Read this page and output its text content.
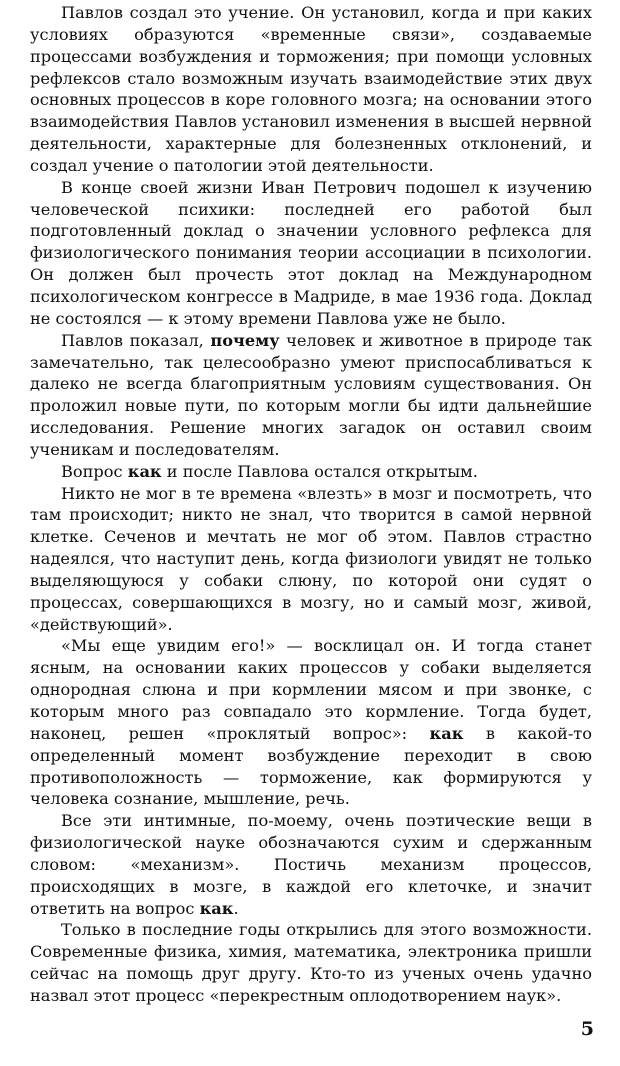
Павлов создал это учение. Он установил, когда и при каких условиях образуются «временные связи», создаваемые процессами возбуждения и торможения; при помощи условных рефлексов стало возможным изучать взаимодействие этих двух основных процессов в коре головного мозга; на основании этого взаимодействия Павлов установил изменения в высшей нервной деятельности, характерные для болезненных отклонений, и создал учение о патологии этой деятельности.

В конце своей жизни Иван Петрович подошел к изучению человеческой психики: последней его работой был подготовленный доклад о значении условного рефлекса для физиологического понимания теории ассоциации в психологии. Он должен был прочесть этот доклад на Международном психологическом конгрессе в Мадриде, в мае 1936 года. Доклад не состоялся — к этому времени Павлова уже не было.

Павлов показал, почему человек и животное в природе так замечательно, так целесообразно умеют приспосабливаться к далеко не всегда благоприятным условиям существования. Он проложил новые пути, по которым могли бы идти дальнейшие исследования. Решение многих загадок он оставил своим ученикам и последователям.

Вопрос как и после Павлова остался открытым.

Никто не мог в те времена «влезть» в мозг и посмотреть, что там происходит; никто не знал, что творится в самой нервной клетке. Сеченов и мечтать не мог об этом. Павлов страстно надеялся, что наступит день, когда физиологи увидят не только выделяющуюся у собаки слюну, по которой они судят о процессах, совершающихся в мозгу, но и самый мозг, живой, «действующий».

«Мы еще увидим его!» — восклицал он. И тогда станет ясным, на основании каких процессов у собаки выделяется однородная слюна и при кормлении мясом и при звонке, с которым много раз совпадало это кормление. Тогда будет, наконец, решен «проклятый вопрос»: как в какой-то определенный момент возбуждение переходит в свою противоположность — торможение, как формируются у человека сознание, мышление, речь.

Все эти интимные, по-моему, очень поэтические вещи в физиологической науке обозначаются сухим и сдержанным словом: «механизм». Постичь механизм процессов, происходящих в мозге, в каждой его клеточке, и значит ответить на вопрос как.

Только в последние годы открылись для этого возможности. Современные физика, химия, математика, электроника пришли сейчас на помощь друг другу. Кто-то из ученых очень удачно назвал этот процесс «перекрестным оплодотворением наук».

5
